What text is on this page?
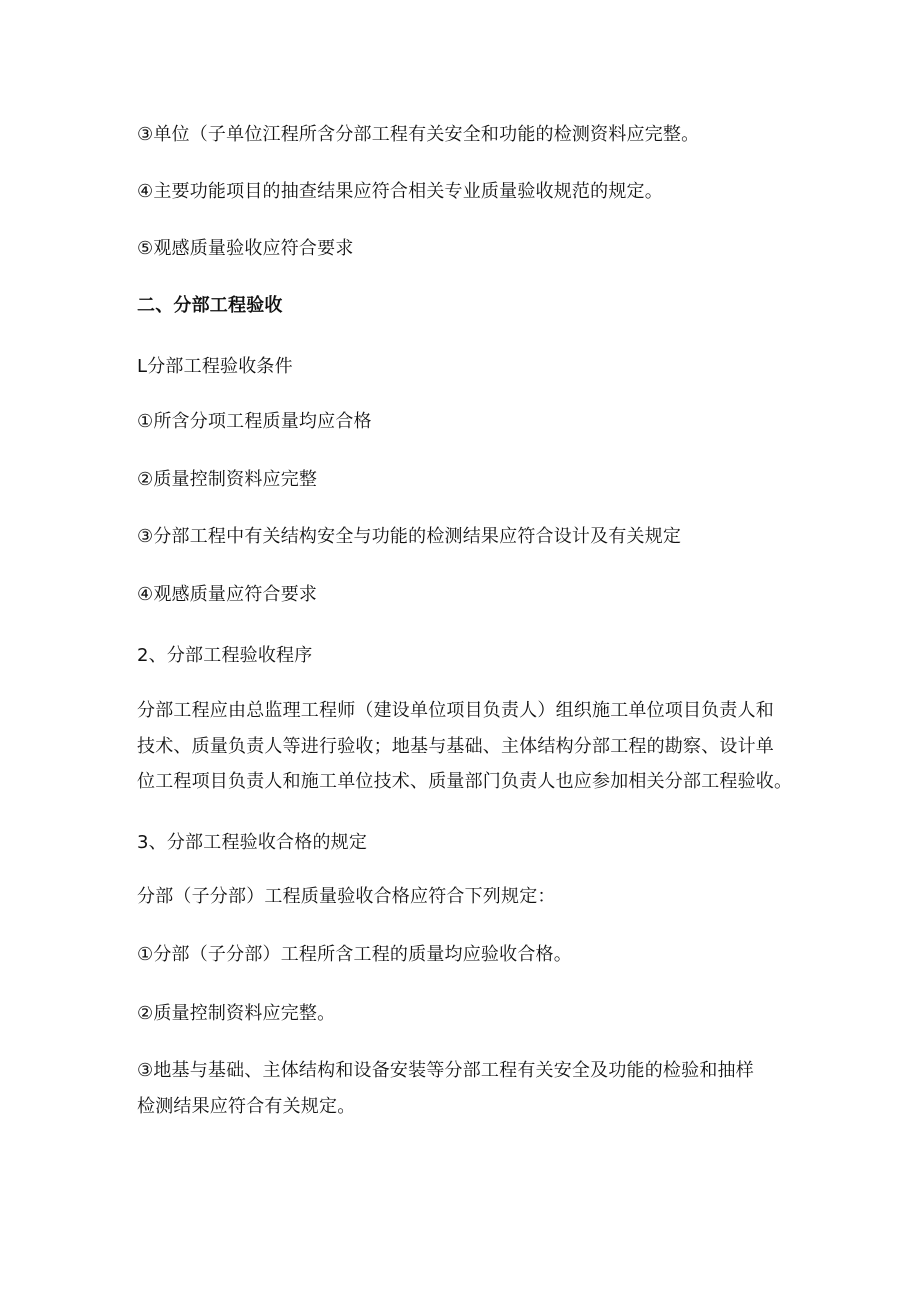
③单位（子单位江程所含分部工程有关安全和功能的检测资料应完整。

④主要功能项目的抽查结果应符合相关专业质量验收规范的规定。

⑤观感质量验收应符合要求

二、分部工程验收

L分部工程验收条件

①所含分项工程质量均应合格

②质量控制资料应完整

③分部工程中有关结构安全与功能的检测结果应符合设计及有关规定

④观感质量应符合要求

2、分部工程验收程序

分部工程应由总监理工程师（建设单位项目负责人）组织施工单位项目负责人和

技术、质量负责人等进行验收；地基与基础、主体结构分部工程的勘察、设计单

位工程项目负责人和施工单位技术、质量部门负责人也应参加相关分部工程验收。

3、分部工程验收合格的规定

分部（子分部）工程质量验收合格应符合下列规定：

①分部（子分部）工程所含工程的质量均应验收合格。

②质量控制资料应完整。

③地基与基础、主体结构和设备安装等分部工程有关安全及功能的检验和抽样

检测结果应符合有关规定。
